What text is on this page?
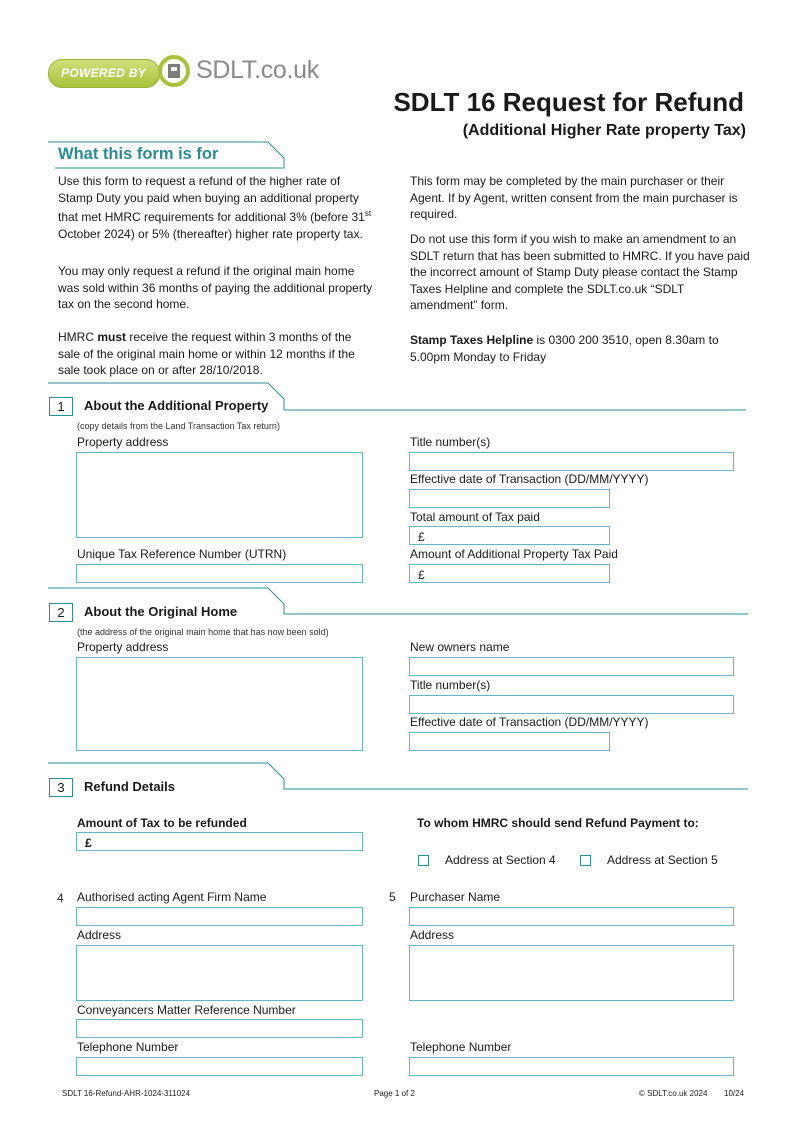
POWERED BY SDLT.co.uk
SDLT 16 Request for Refund
(Additional Higher Rate property Tax)
What this form is for
Use this form to request a refund of the higher rate of Stamp Duty you paid when buying an additional property that met HMRC requirements for additional 3% (before 31st October 2024) or 5% (thereafter) higher rate property tax.
You may only request a refund if the original main home was sold within 36 months of paying the additional property tax on the second home.
HMRC must receive the request within 3 months of the sale of the original main home or within 12 months if the sale took place on or after 28/10/2018.
This form may be completed by the main purchaser or their Agent. If by Agent, written consent from the main purchaser is required.
Do not use this form if you wish to make an amendment to an SDLT return that has been submitted to HMRC. If you have paid the incorrect amount of Stamp Duty please contact the Stamp Taxes Helpline and complete the SDLT.co.uk “SDLT amendment” form.
Stamp Taxes Helpline is 0300 200 3510, open 8.30am to 5.00pm Monday to Friday
1	About the Additional Property
(copy details from the Land Transaction Tax return)
Property address
Unique Tax Reference Number (UTRN)
Title number(s)
Effective date of Transaction (DD/MM/YYYY)
Total amount of Tax paid
£
Amount of Additional Property Tax Paid
£
2	About the Original Home
(the address of the original main home that has now been sold)
Property address	New owners name
Title number(s)
Effective date of Transaction (DD/MM/YYYY)
3	Refund Details
Amount of Tax to be refunded
£
To whom HMRC should send Refund Payment to:
Address at Section 4	Address at Section 5
4 Authorised acting Agent Firm Name
Address
Conveyancers Matter Reference Number
Telephone Number
5 Purchaser Name
Address
Telephone Number
SDLT 16-Refund-AHR-1024-311024	Page 1 of 2	© SDLT.co.uk 2024 10/24
